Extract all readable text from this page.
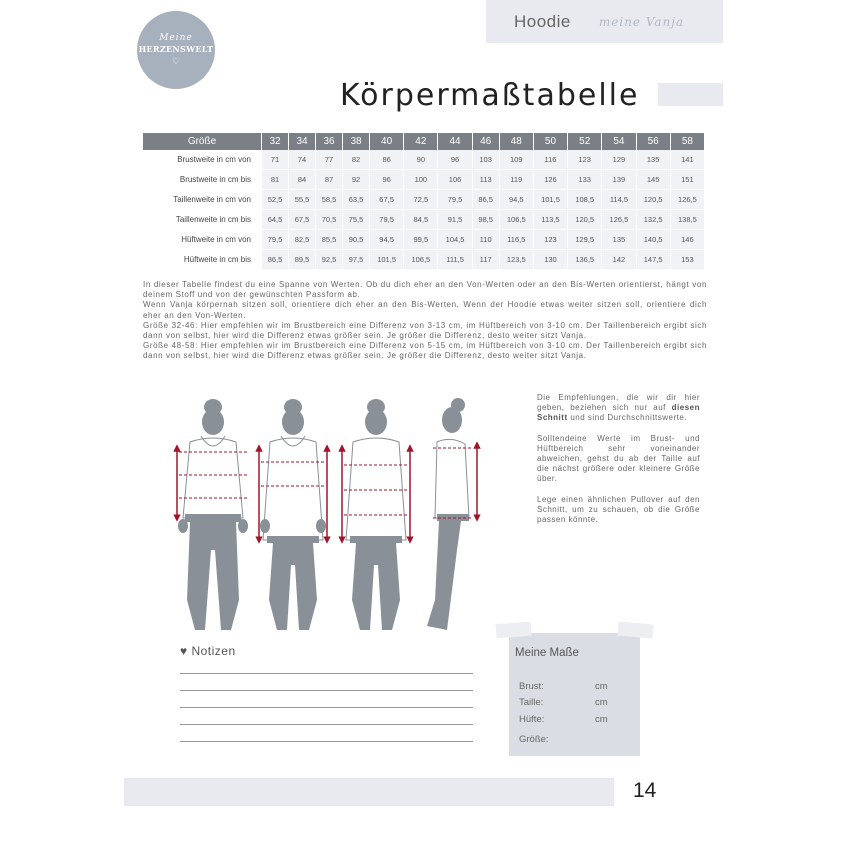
Meine
HERZENSWELT
♡
Hoodie meine Vanja
Körpermaßtabelle
Größe	32	34	36	38	40	42	44	46	48	50	52	54	56	58
Brustweite in cm von	71	74	77	82	86	90	96	103	109	116	123	129	135	141
Brustweite in cm bis	81	84	87	92	96	100	106	113	119	126	133	139	145	151
Taillenweite in cm von	52,5	55,5	58,5	63,5	67,5	72,5	79,5	86,5	94,5	101,5	108,5	114,5	120,5	126,5
Taillenweite in cm bis	64,5	67,5	70,5	75,5	79,5	84,5	91,5	98,5	106,5	113,5	120,5	126,5	132,5	138,5
Hüftweite in cm von	79,5	82,5	85,5	90,5	94,5	99,5	104,5	110	116,5	123	129,5	135	140,5	146
Hüftweite in cm bis	86,5	89,5	92,5	97,5	101,5	106,5	111,5	117	123,5	130	136,5	142	147,5	153

In dieser Tabelle findest du eine Spanne von Werten. Ob du dich eher an den Von-Werten oder an den Bis-Werten orientierst, hängt von deinem Stoff und von der gewünschten Passform ab.

Wenn Vanja körpernah sitzen soll, orientiere dich eher an den Bis-Werten. Wenn der Hoodie etwas weiter sitzen soll, orientiere dich eher an den Von-Werten.

Größe 32-46: Hier empfehlen wir im Brustbereich eine Differenz von 3-13 cm, im Hüftbereich von 3-10 cm. Der Taillenbereich ergibt sich dann von selbst, hier wird die Differenz etwas größer sein. Je größer die Differenz, desto weiter sitzt Vanja.

Größe 48-58: Hier empfehlen wir im Brustbereich eine Differenz von 5-15 cm, im Hüftbereich von 3-10 cm. Der Taillenbereich ergibt sich dann von selbst, hier wird die Differenz etwas größer sein. Je größer die Differenz, desto weiter sitzt Vanja.

Die Empfehlungen, die wir dir hier geben, beziehen sich nur auf diesen Schnitt und sind Durchschnittswerte.

Solltendeine Werte im Brust- und Hüftbereich sehr voneinander abweichen, gehst du ab der Taille auf die nächst größere oder kleinere Größe über.

Lege einen ähnlichen Pullover auf den Schnitt, um zu schauen, ob die Größe passen könnte.

♥ Notizen	Meine Maße
Brust:	cm
Taille:	cm
Hüfte:	cm
Größe:
14
